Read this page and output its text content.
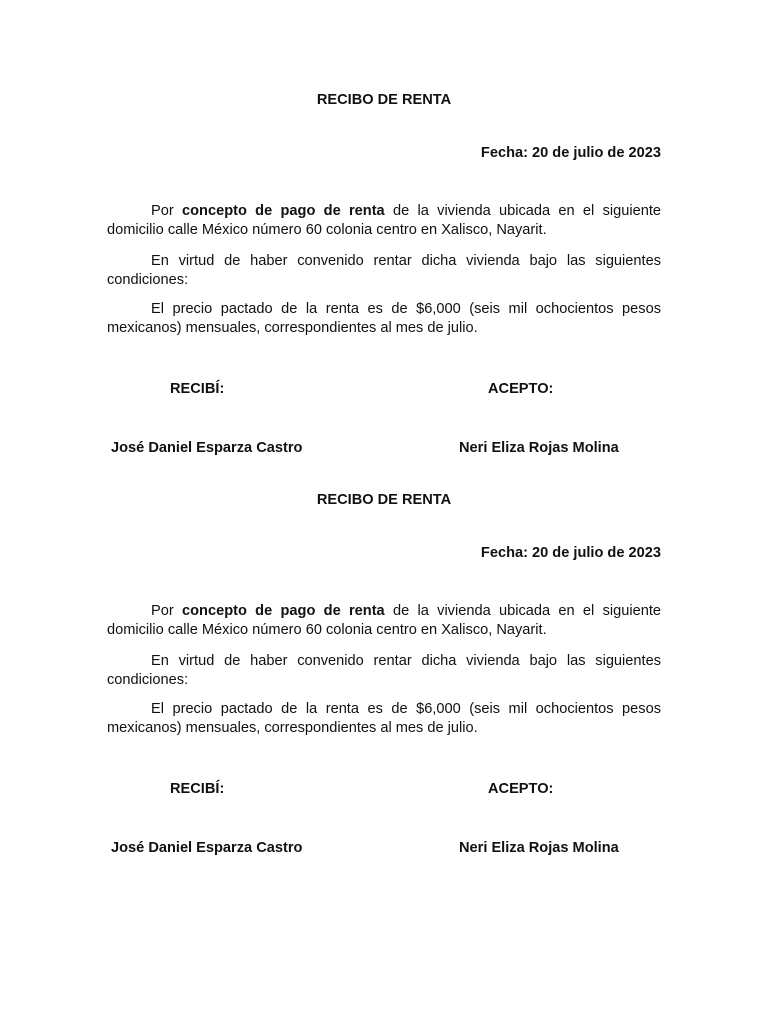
RECIBO DE RENTA
Fecha: 20 de julio de 2023

Por concepto de pago de renta de la vivienda ubicada en el siguiente domicilio calle México número 60 colonia centro en Xalisco, Nayarit.

En virtud de haber convenido rentar dicha vivienda bajo las siguientes condiciones:

El precio pactado de la renta es de $6,000 (seis mil ochocientos pesos mexicanos) mensuales, correspondientes al mes de julio.

RECIBÍ:	ACEPTO:
José Daniel Esparza Castro	Neri Eliza Rojas Molina
RECIBO DE RENTA
Fecha: 20 de julio de 2023

Por concepto de pago de renta de la vivienda ubicada en el siguiente domicilio calle México número 60 colonia centro en Xalisco, Nayarit.

En virtud de haber convenido rentar dicha vivienda bajo las siguientes condiciones:

El precio pactado de la renta es de $6,000 (seis mil ochocientos pesos mexicanos) mensuales, correspondientes al mes de julio.

RECIBÍ:	ACEPTO:
José Daniel Esparza Castro	Neri Eliza Rojas Molina
